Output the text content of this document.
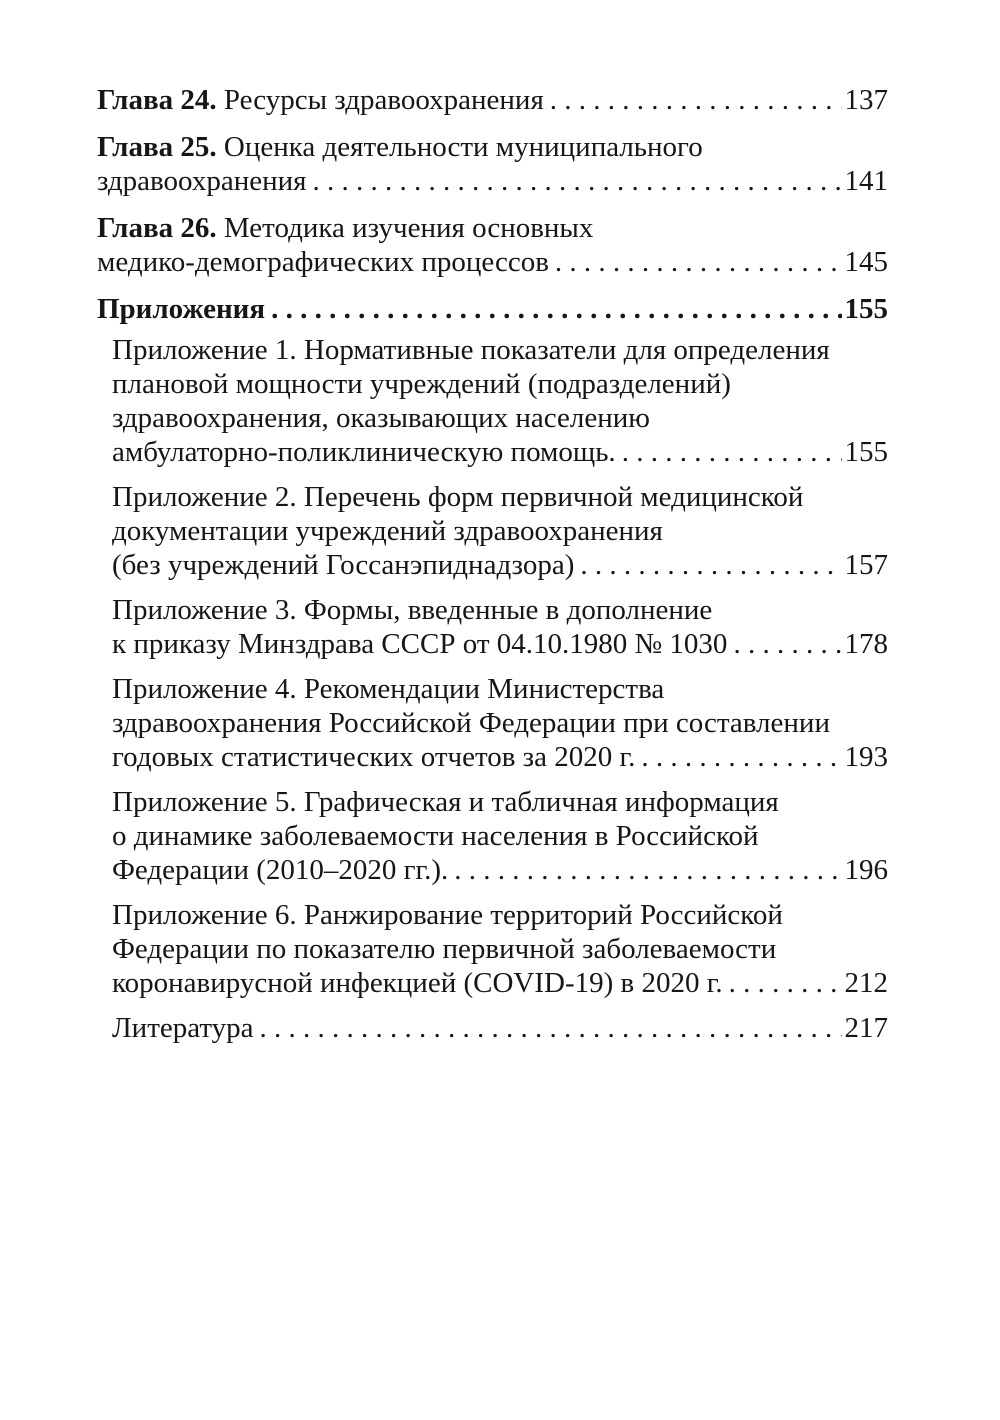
Глава 24. Ресурсы здравоохранения . . .	137
Глава 25. Оценка деятельности муниципального
здравоохранения . . .	141
Глава 26. Методика изучения основных
медико-демографических процессов . . .	145
Приложения . . .	155
Приложение 1. Нормативные показатели для определения
плановой мощности учреждений (подразделений)
здравоохранения, оказывающих населению
амбулаторно-поликлиническую помощь. . . .	155
Приложение 2. Перечень форм первичной медицинской
документации учреждений здравоохранения
(без учреждений Госсанэпиднадзора) . . .	157
Приложение 3. Формы, введенные в дополнение
к приказу Минздрава СССР от 04.10.1980 № 1030 . . .	178
Приложение 4. Рекомендации Министерства
здравоохранения Российской Федерации при составлении
годовых статистических отчетов за 2020 г. . . .	193
Приложение 5. Графическая и табличная информация
о динамике заболеваемости населения в Российской
Федерации (2010–2020 гг.). . . .	196
Приложение 6. Ранжирование территорий Российской
Федерации по показателю первичной заболеваемости
коронавирусной инфекцией (COVID-19) в 2020 г. . . .	212
Литература . . .	217
